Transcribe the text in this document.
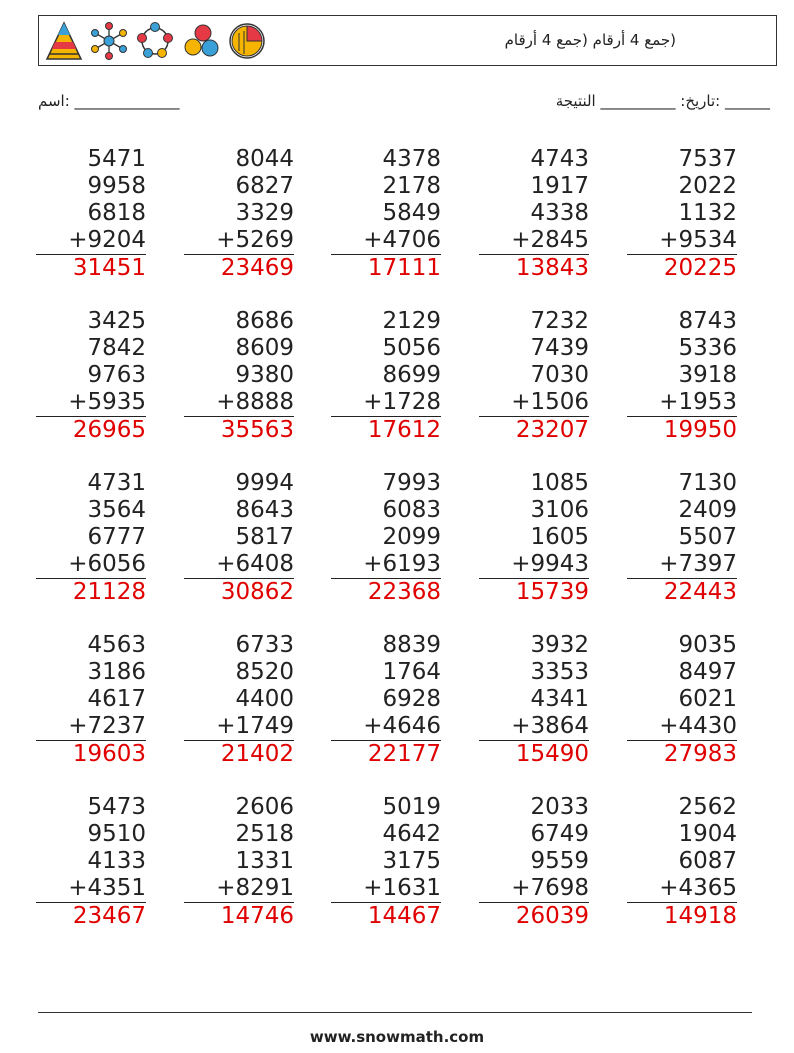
(جمع 4 أرقام (جمع 4 أرقام
______ :تاريخ: __________ النتيجة
______________ :اسم
5471
9958
6818
+9204
31451
8044
6827
3329
+5269
23469
4378
2178
5849
+4706
17111
4743
1917
4338
+2845
13843
7537
2022
1132
+9534
20225
3425
7842
9763
+5935
26965
8686
8609
9380
+8888
35563
2129
5056
8699
+1728
17612
7232
7439
7030
+1506
23207
8743
5336
3918
+1953
19950
4731
3564
6777
+6056
21128
9994
8643
5817
+6408
30862
7993
6083
2099
+6193
22368
1085
3106
1605
+9943
15739
7130
2409
5507
+7397
22443
4563
3186
4617
+7237
19603
6733
8520
4400
+1749
21402
8839
1764
6928
+4646
22177
3932
3353
4341
+3864
15490
9035
8497
6021
+4430
27983
5473
9510
4133
+4351
23467
2606
2518
1331
+8291
14746
5019
4642
3175
+1631
14467
2033
6749
9559
+7698
26039
2562
1904
6087
+4365
14918
www.snowmath.com
